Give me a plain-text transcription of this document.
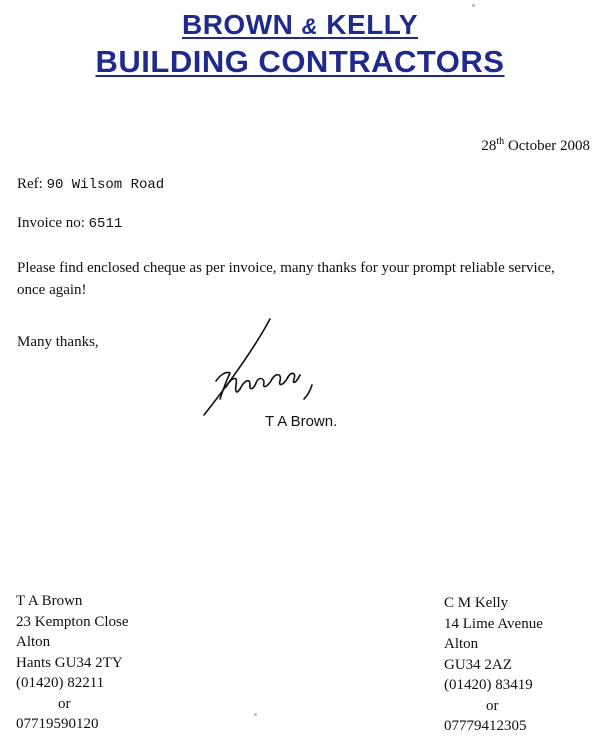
BROWN & KELLY
BUILDING CONTRACTORS
28th October 2008
Ref: 90 Wilsom Road
Invoice no: 6511
Please find enclosed cheque as per invoice, many thanks for your prompt reliable service, once again!
Many thanks,
T A Brown.
T A Brown
23 Kempton Close
Alton
Hants GU34 2TY
(01420) 82211
or
07719590120
C M Kelly
14 Lime Avenue
Alton
GU34 2AZ
(01420) 83419
or
07779412305
